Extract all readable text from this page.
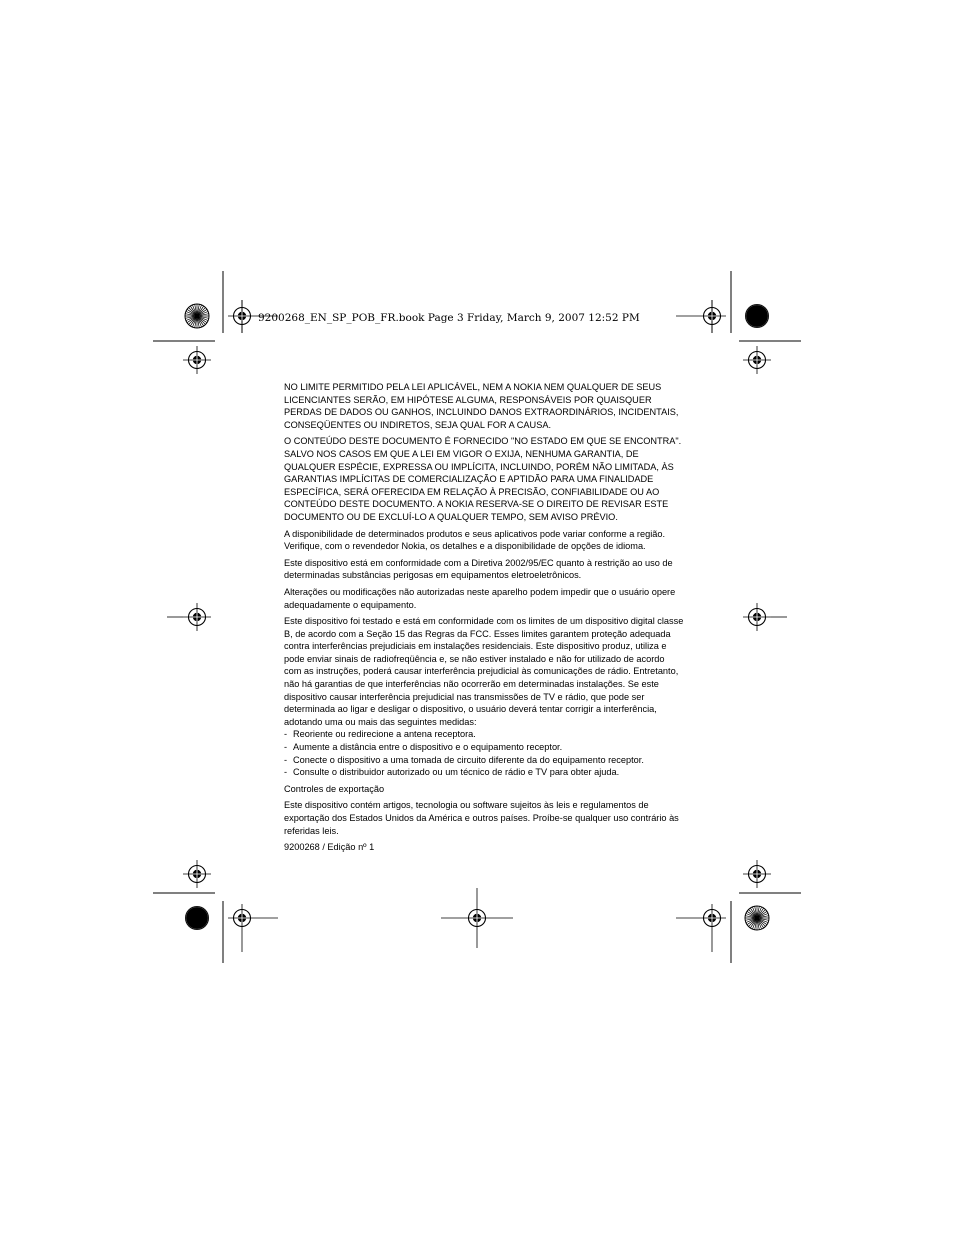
9200268_EN_SP_POB_FR.book Page 3 Friday, March 9, 2007 12:52 PM

NO LIMITE PERMITIDO PELA LEI APLICÁVEL, NEM A NOKIA NEM QUALQUER DE SEUS LICENCIANTES SERÃO, EM HIPÓTESE ALGUMA, RESPONSÁVEIS POR QUAISQUER PERDAS DE DADOS OU GANHOS, INCLUINDO DANOS EXTRAORDINÁRIOS, INCIDENTAIS, CONSEQÜENTES OU INDIRETOS, SEJA QUAL FOR A CAUSA.

O CONTEÚDO DESTE DOCUMENTO É FORNECIDO "NO ESTADO EM QUE SE ENCONTRA". SALVO NOS CASOS EM QUE A LEI EM VIGOR O EXIJA, NENHUMA GARANTIA, DE QUALQUER ESPÉCIE, EXPRESSA OU IMPLÍCITA, INCLUINDO, PORÉM NÃO LIMITADA, ÀS GARANTIAS IMPLÍCITAS DE COMERCIALIZAÇÃO E APTIDÃO PARA UMA FINALIDADE ESPECÍFICA, SERÁ OFERECIDA EM RELAÇÃO À PRECISÃO, CONFIABILIDADE OU AO CONTEÚDO DESTE DOCUMENTO. A NOKIA RESERVA-SE O DIREITO DE REVISAR ESTE DOCUMENTO OU DE EXCLUÍ-LO A QUALQUER TEMPO, SEM AVISO PRÉVIO.

A disponibilidade de determinados produtos e seus aplicativos pode variar conforme a região. Verifique, com o revendedor Nokia, os detalhes e a disponibilidade de opções de idioma.

Este dispositivo está em conformidade com a Diretiva 2002/95/EC quanto à restrição ao uso de determinadas substâncias perigosas em equipamentos eletroeletrônicos.

Alterações ou modificações não autorizadas neste aparelho podem impedir que o usuário opere adequadamente o equipamento.

Este dispositivo foi testado e está em conformidade com os limites de um dispositivo digital classe B, de acordo com a Seção 15 das Regras da FCC. Esses limites garantem proteção adequada contra interferências prejudiciais em instalações residenciais. Este dispositivo produz, utiliza e pode enviar sinais de radiofreqüência e, se não estiver instalado e não for utilizado de acordo com as instruções, poderá causar interferência prejudicial às comunicações de rádio. Entretanto, não há garantias de que interferências não ocorrerão em determinadas instalações. Se este dispositivo causar interferência prejudicial nas transmissões de TV e rádio, que pode ser determinada ao ligar e desligar o dispositivo, o usuário deverá tentar corrigir a interferência, adotando uma ou mais das seguintes medidas:

- Reoriente ou redirecione a antena receptora.
- Aumente a distância entre o dispositivo e o equipamento receptor.
- Conecte o dispositivo a uma tomada de circuito diferente da do equipamento receptor.
- Consulte o distribuidor autorizado ou um técnico de rádio e TV para obter ajuda.

Controles de exportação

Este dispositivo contém artigos, tecnologia ou software sujeitos às leis e regulamentos de exportação dos Estados Unidos da América e outros países. Proíbe-se qualquer uso contrário às referidas leis.

9200268 / Edição nº 1
